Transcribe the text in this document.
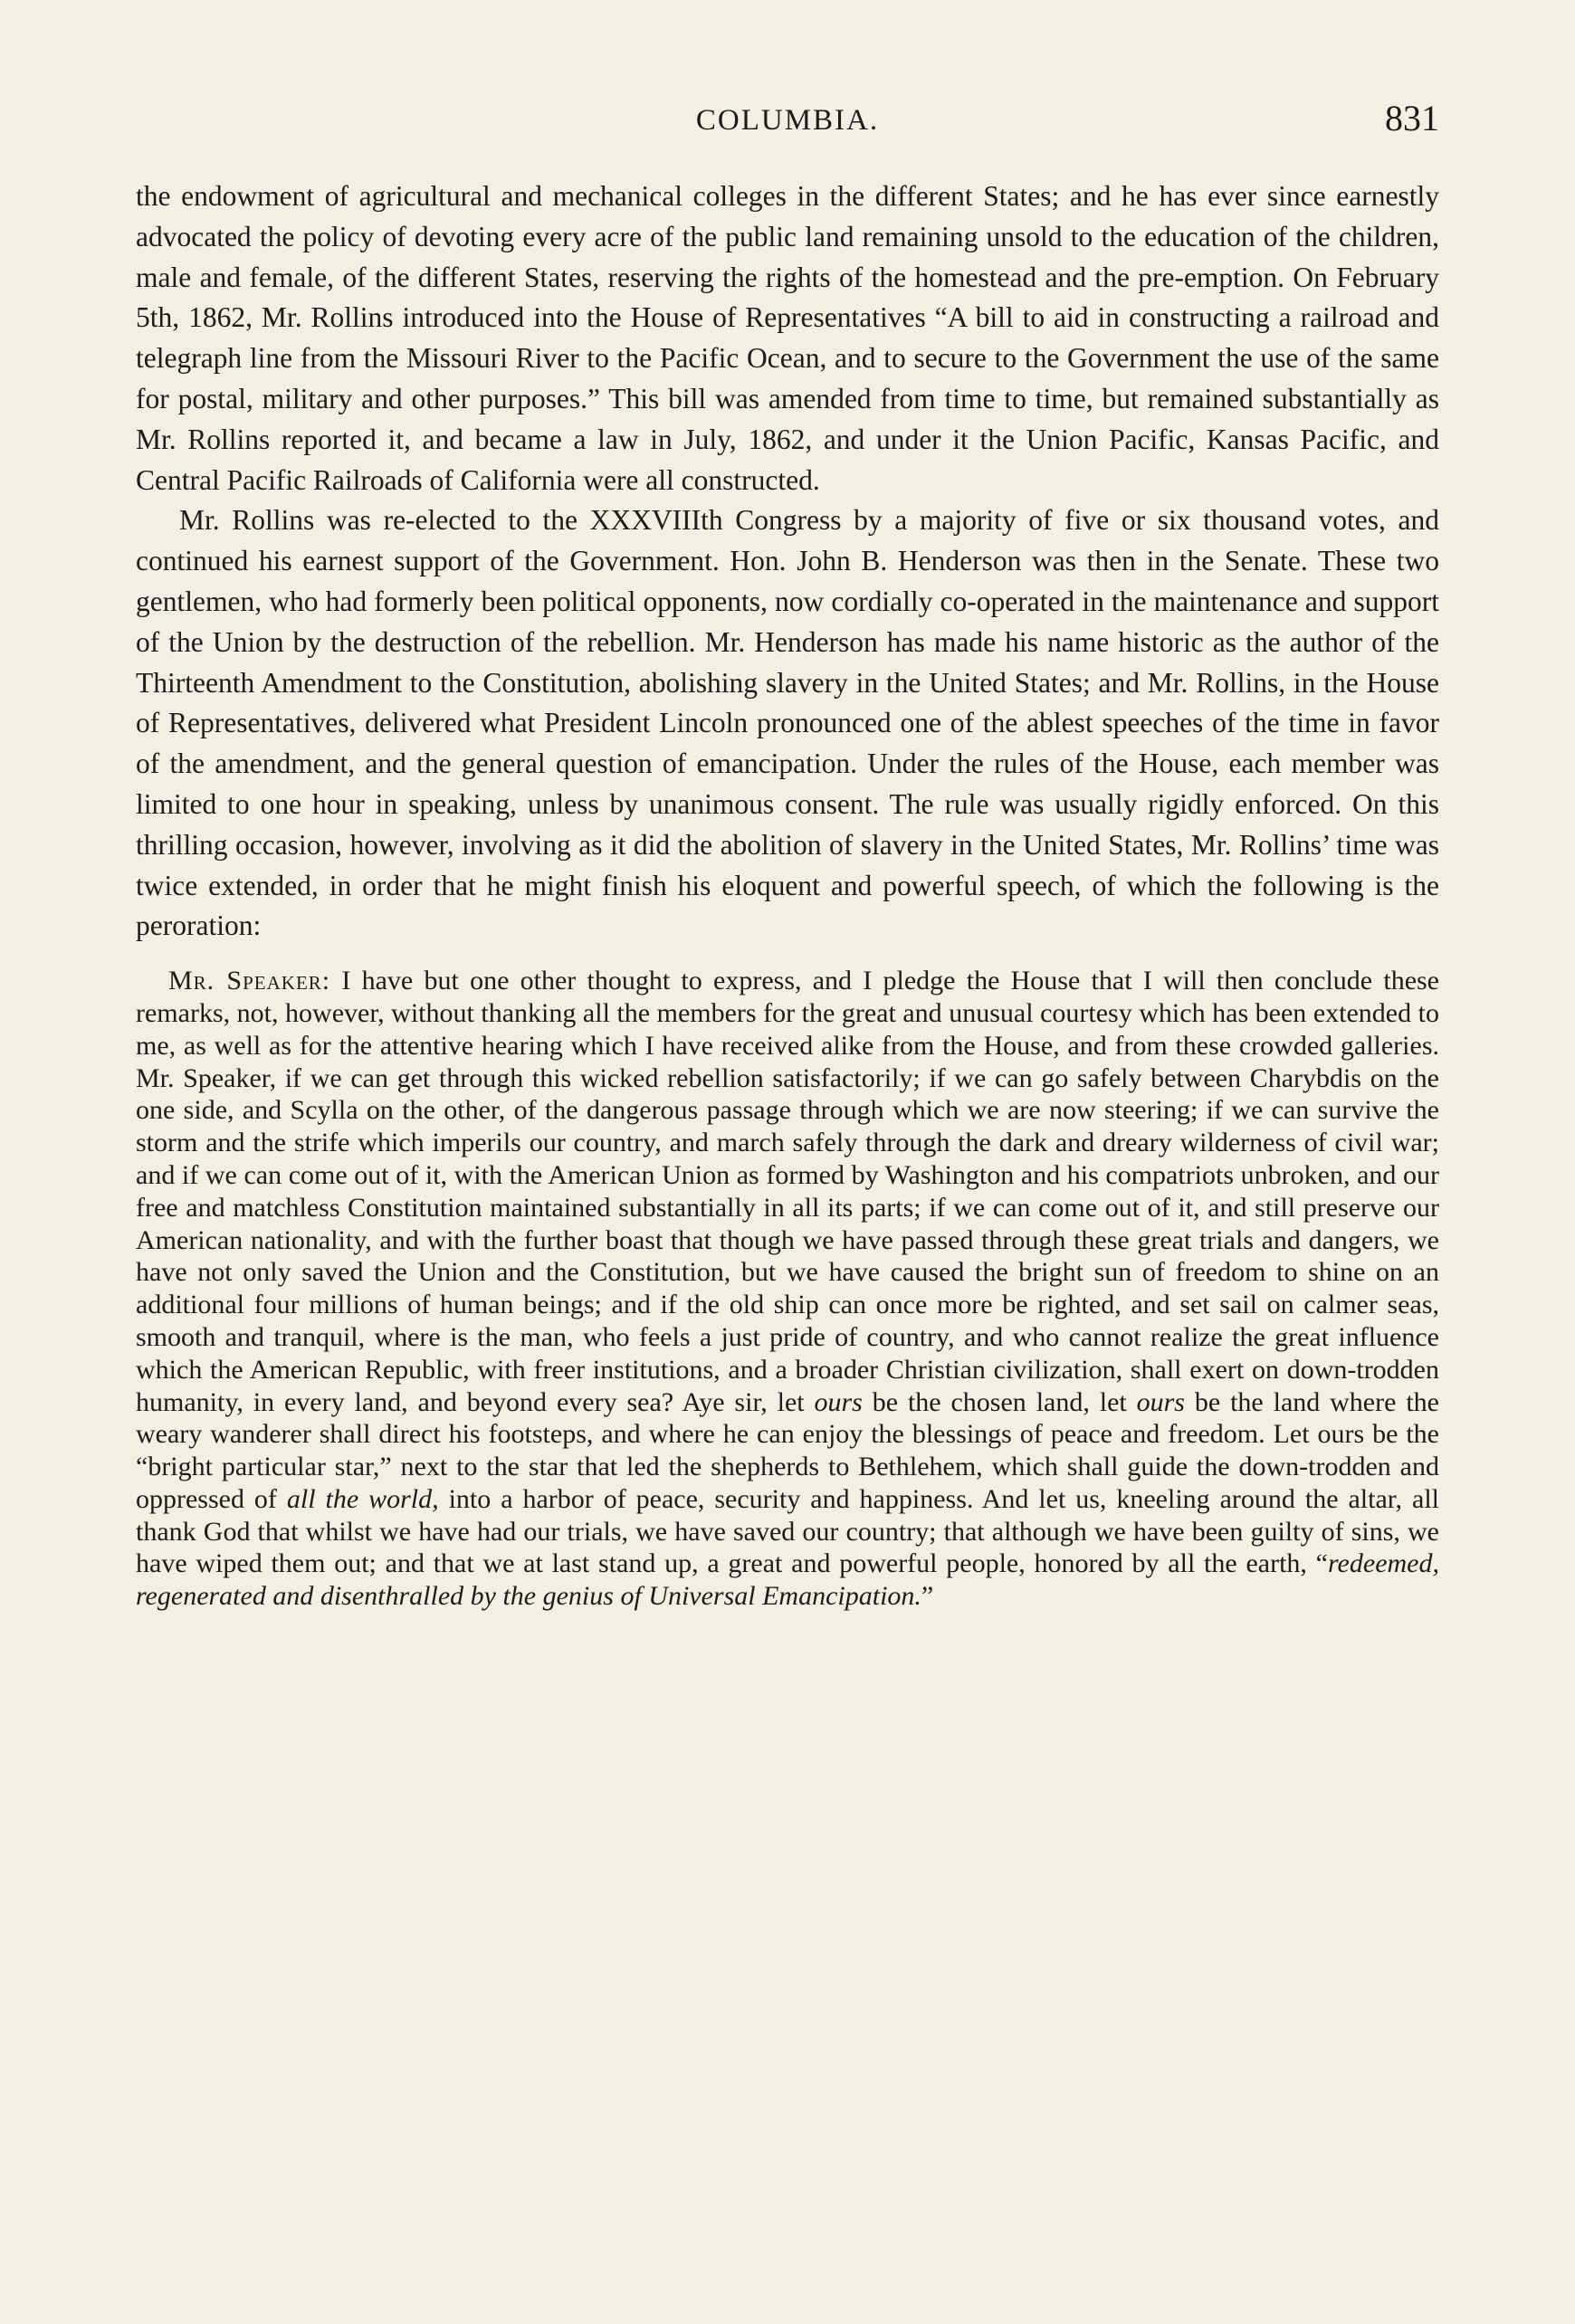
COLUMBIA.	831

the endowment of agricultural and mechanical colleges in the different States; and he has ever since earnestly advocated the policy of devoting every acre of the public land remaining unsold to the education of the children, male and female, of the different States, reserving the rights of the homestead and the pre-emption. On February 5th, 1862, Mr. Rollins introduced into the House of Representatives “A bill to aid in constructing a railroad and telegraph line from the Missouri River to the Pacific Ocean, and to secure to the Government the use of the same for postal, military and other purposes.” This bill was amended from time to time, but remained substantially as Mr. Rollins reported it, and became a law in July, 1862, and under it the Union Pacific, Kansas Pacific, and Central Pacific Railroads of California were all constructed.

Mr. Rollins was re-elected to the XXXVIIIth Congress by a majority of five or six thousand votes, and continued his earnest support of the Government. Hon. John B. Henderson was then in the Senate. These two gentlemen, who had formerly been political opponents, now cordially co-operated in the maintenance and support of the Union by the destruction of the rebellion. Mr. Henderson has made his name historic as the author of the Thirteenth Amendment to the Constitution, abolishing slavery in the United States; and Mr. Rollins, in the House of Representatives, delivered what President Lincoln pronounced one of the ablest speeches of the time in favor of the amendment, and the general question of emancipation. Under the rules of the House, each member was limited to one hour in speaking, unless by unanimous consent. The rule was usually rigidly enforced. On this thrilling occasion, however, involving as it did the abolition of slavery in the United States, Mr. Rollins’ time was twice extended, in order that he might finish his eloquent and powerful speech, of which the following is the peroration:

Mr. Speaker: I have but one other thought to express, and I pledge the House that I will then conclude these remarks, not, however, without thanking all the members for the great and unusual courtesy which has been extended to me, as well as for the attentive hearing which I have received alike from the House, and from these crowded galleries. Mr. Speaker, if we can get through this wicked rebellion satisfactorily; if we can go safely between Charybdis on the one side, and Scylla on the other, of the dangerous passage through which we are now steering; if we can survive the storm and the strife which imperils our country, and march safely through the dark and dreary wilderness of civil war; and if we can come out of it, with the American Union as formed by Washington and his compatriots unbroken, and our free and matchless Constitution maintained substantially in all its parts; if we can come out of it, and still preserve our American nationality, and with the further boast that though we have passed through these great trials and dangers, we have not only saved the Union and the Constitution, but we have caused the bright sun of freedom to shine on an additional four millions of human beings; and if the old ship can once more be righted, and set sail on calmer seas, smooth and tranquil, where is the man, who feels a just pride of country, and who cannot realize the great influence which the American Republic, with freer institutions, and a broader Christian civilization, shall exert on down-trodden humanity, in every land, and beyond every sea? Aye sir, let ours be the chosen land, let ours be the land where the weary wanderer shall direct his footsteps, and where he can enjoy the blessings of peace and freedom. Let ours be the “bright particular star,” next to the star that led the shepherds to Bethlehem, which shall guide the down-trodden and oppressed of all the world, into a harbor of peace, security and happiness. And let us, kneeling around the altar, all thank God that whilst we have had our trials, we have saved our country; that although we have been guilty of sins, we have wiped them out; and that we at last stand up, a great and powerful people, honored by all the earth, “redeemed, regenerated and disenthralled by the genius of Universal Emancipation.”
